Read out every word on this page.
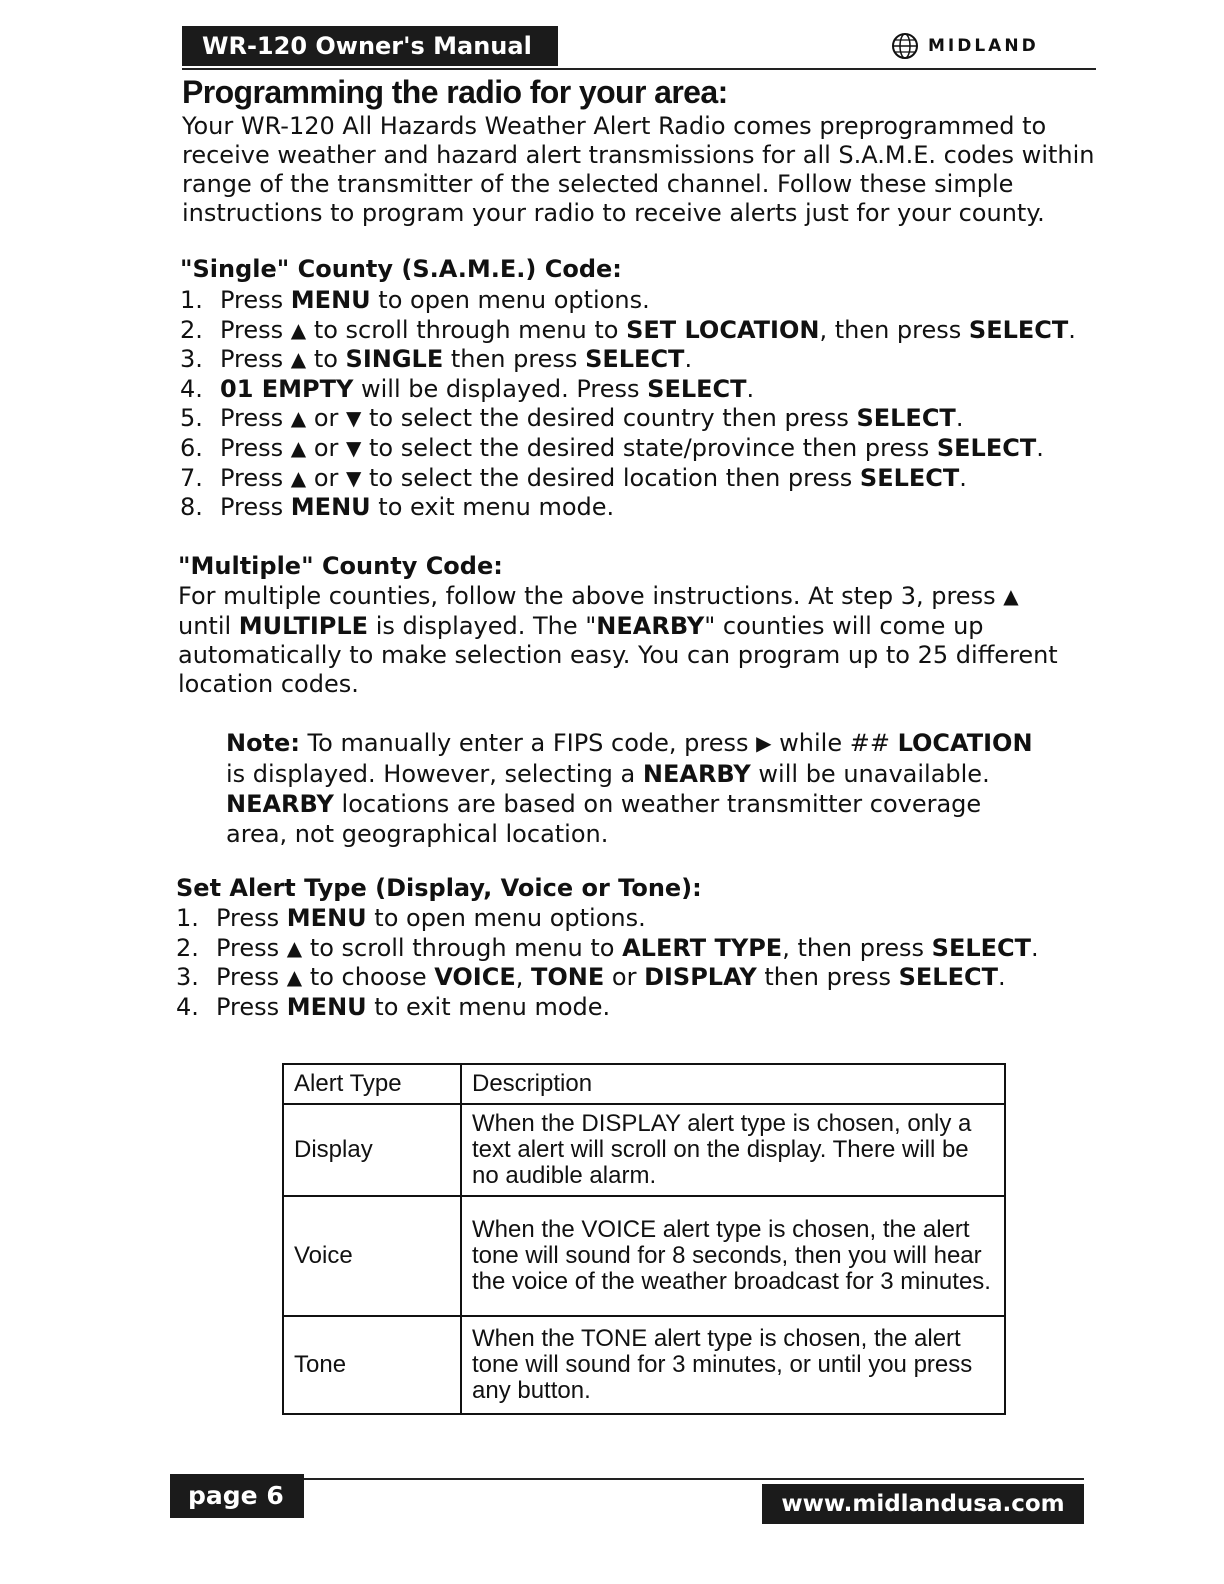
WR-120 Owner's Manual	MIDLAND
Programming the radio for your area:

Your WR-120 All Hazards Weather Alert Radio comes preprogrammed to receive weather and hazard alert transmissions for all S.A.M.E. codes within range of the transmitter of the selected channel. Follow these simple instructions to program your radio to receive alerts just for your county.

"Single" County (S.A.M.E.) Code:
1. Press MENU to open menu options.
2. Press ▲ to scroll through menu to SET LOCATION, then press SELECT.
3. Press ▲ to SINGLE then press SELECT.
4. 01 EMPTY will be displayed. Press SELECT.
5. Press ▲ or ▼ to select the desired country then press SELECT.
6. Press ▲ or ▼ to select the desired state/province then press SELECT.
7. Press ▲ or ▼ to select the desired location then press SELECT.
8. Press MENU to exit menu mode.
"Multiple" County Code:

For multiple counties, follow the above instructions. At step 3, press ▲ until MULTIPLE is displayed. The "NEARBY" counties will come up automatically to make selection easy. You can program up to 25 different location codes.

Note: To manually enter a FIPS code, press ▶ while ## LOCATION is displayed. However, selecting a NEARBY will be unavailable. NEARBY locations are based on weather transmitter coverage area, not geographical location.

Set Alert Type (Display, Voice or Tone):
1. Press MENU to open menu options.
2. Press ▲ to scroll through menu to ALERT TYPE, then press SELECT.
3. Press ▲ to choose VOICE, TONE or DISPLAY then press SELECT.
4. Press MENU to exit menu mode.
Alert Type	Description
Display	When the DISPLAY alert type is chosen, only a text alert will scroll on the display. There will be no audible alarm.
Voice	When the VOICE alert type is chosen, the alert tone will sound for 8 seconds, then you will hear the voice of the weather broadcast for 3 minutes.
Tone	When the TONE alert type is chosen, the alert tone will sound for 3 minutes, or until you press any button.
page 6	www.midlandusa.com
